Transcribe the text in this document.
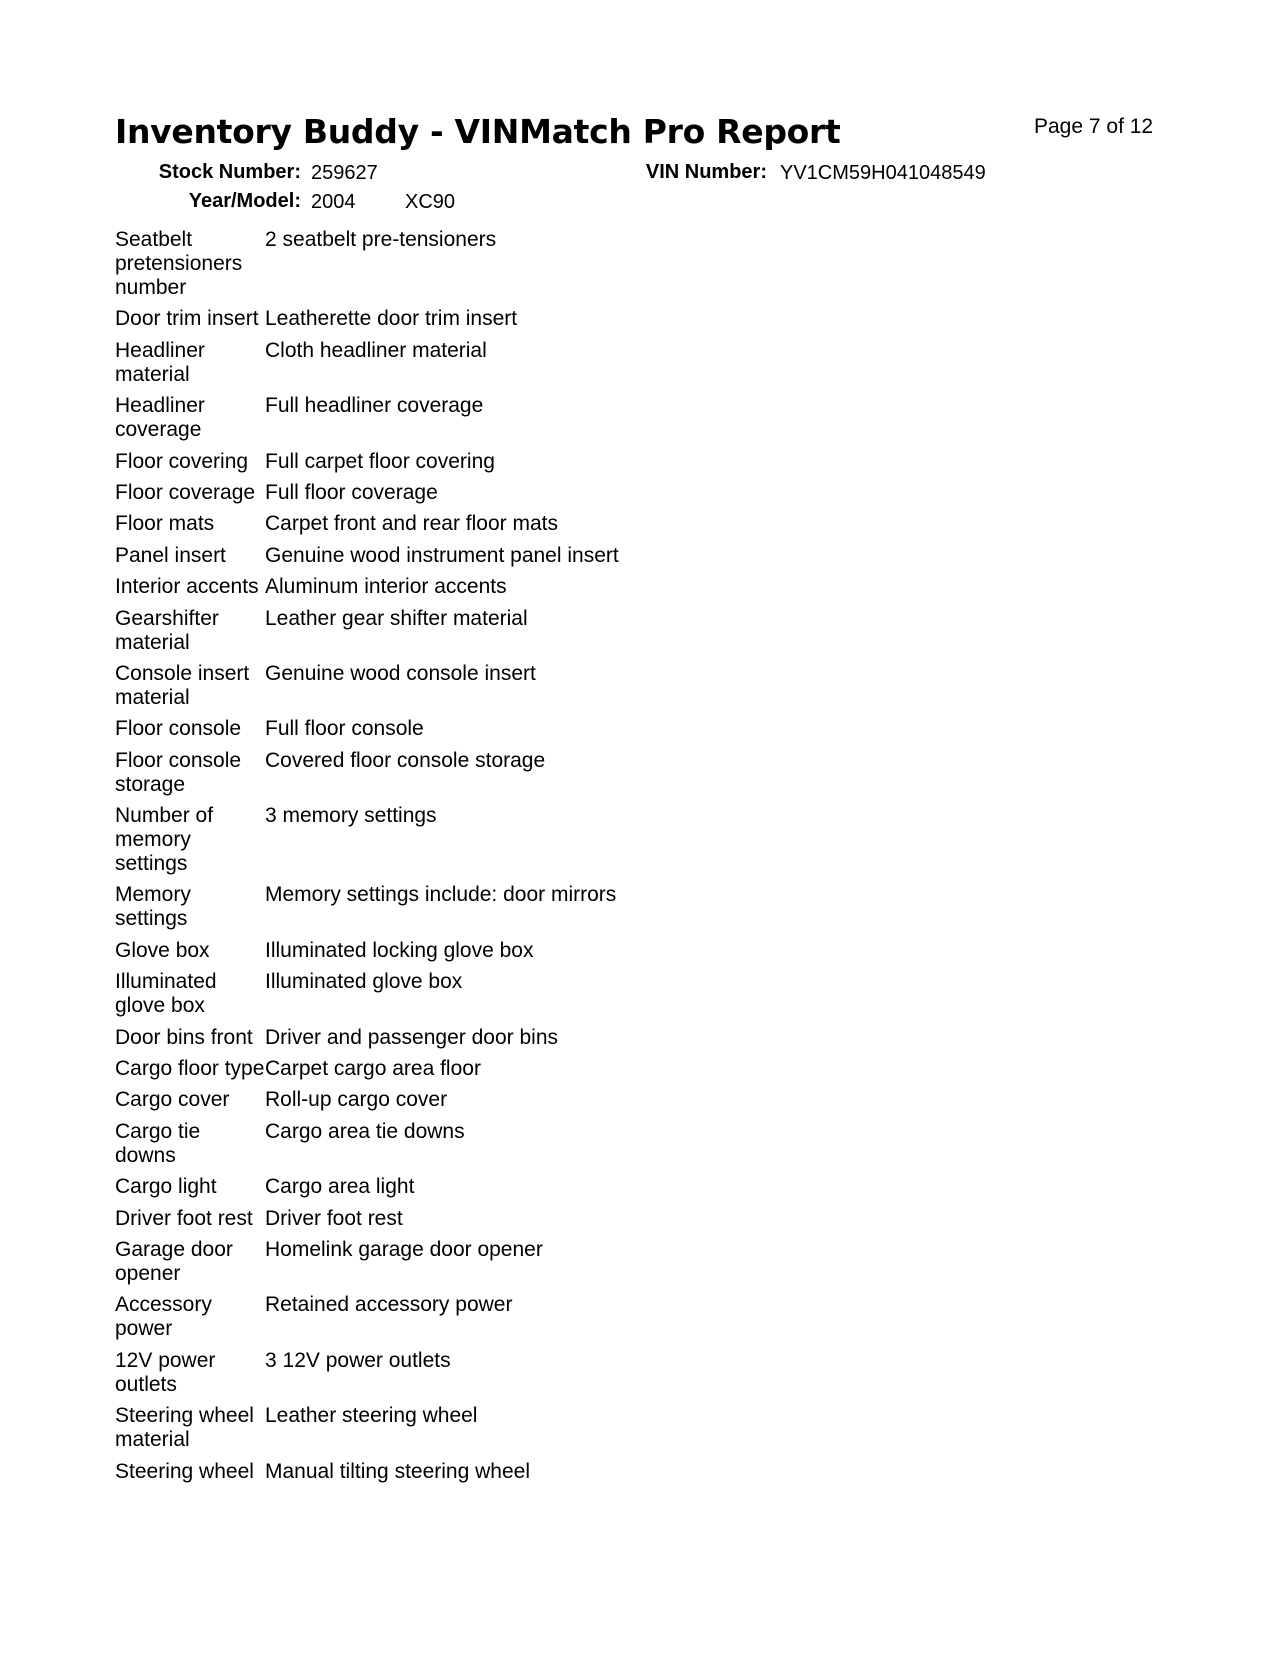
Inventory Buddy - VINMatch Pro Report	Page 7 of 12
Stock Number: 259627	VIN Number: YV1CM59H041048549
Year/Model: 2004 XC90
Seatbelt pretensioners number	2 seatbelt pre-tensioners
Door trim insert	Leatherette door trim insert
Headliner material	Cloth headliner material
Headliner coverage	Full headliner coverage
Floor covering	Full carpet floor covering
Floor coverage	Full floor coverage
Floor mats	Carpet front and rear floor mats
Panel insert	Genuine wood instrument panel insert
Interior accents	Aluminum interior accents
Gearshifter material	Leather gear shifter material
Console insert material	Genuine wood console insert
Floor console	Full floor console
Floor console storage	Covered floor console storage
Number of memory settings	3 memory settings
Memory settings	Memory settings include: door mirrors
Glove box	Illuminated locking glove box
Illuminated glove box	Illuminated glove box
Door bins front	Driver and passenger door bins
Cargo floor type	Carpet cargo area floor
Cargo cover	Roll-up cargo cover
Cargo tie downs	Cargo area tie downs
Cargo light	Cargo area light
Driver foot rest	Driver foot rest
Garage door opener	Homelink garage door opener
Accessory power	Retained accessory power
12V power outlets	3 12V power outlets
Steering wheel material	Leather steering wheel
Steering wheel	Manual tilting steering wheel
